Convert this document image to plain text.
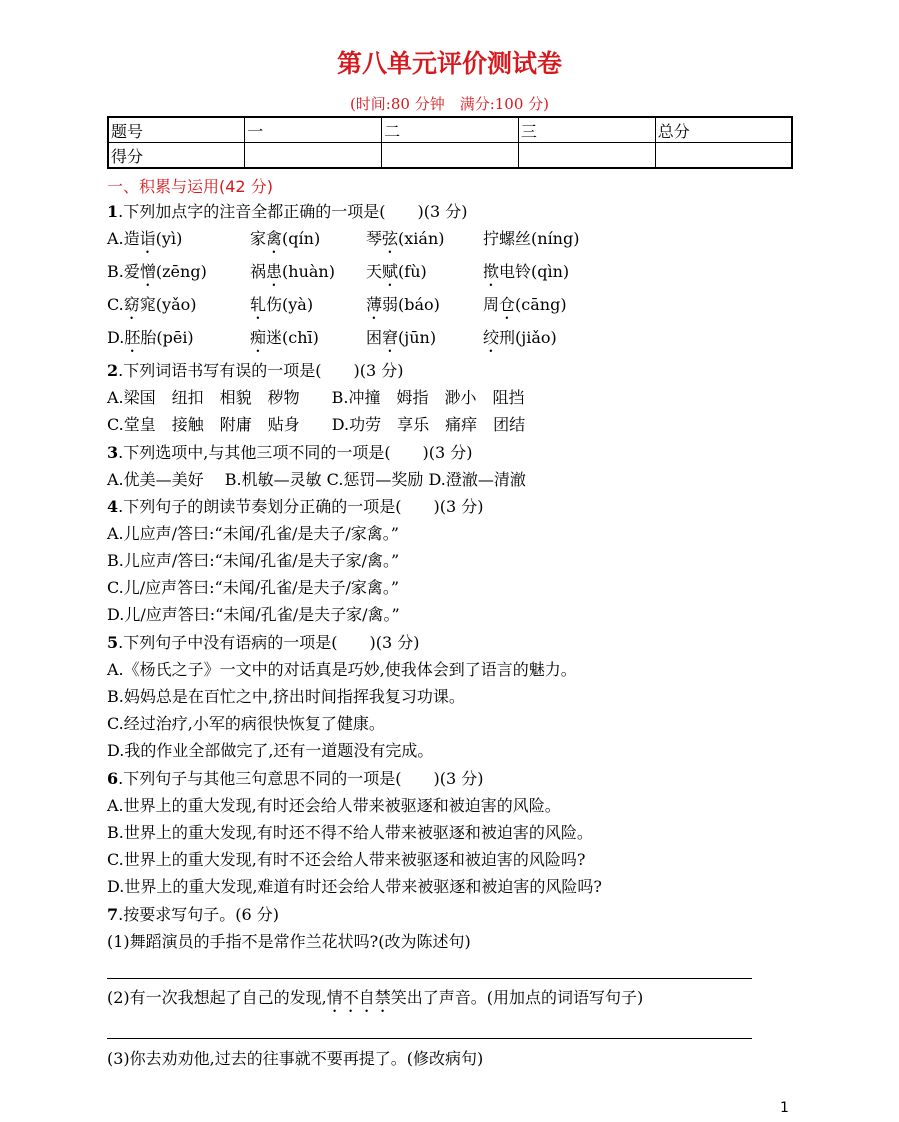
第八单元评价测试卷
(时间:80 分钟　满分:100 分)
题号	一	二	三	总分
得分				
一、积累与运用(42 分)
1.下列加点字的注音全都正确的一项是(　　)(3 分)
A.造诣(yì)	家禽(qín)	琴弦(xián) 拧螺丝(níng)
B.爱憎(zēng)	祸患(huàn) 天赋(fù)	揿电铃(qìn)
C.窈窕(yǎo)	轧伤(yà)	薄弱(báo)	周仓(cāng)
D.胚胎(pēi)	痴迷(chī)	困窘(jūn)	绞刑(jiǎo)
2.下列词语书写有误的一项是(　　)(3 分)
A.梁国　纽扣　相貌　秽物　　B.冲撞　姆指　渺小　阻挡
C.堂皇　接触　附庸　贴身　　D.功劳　享乐　痛痒　团结
3.下列选项中,与其他三项不同的一项是(　　)(3 分)
A.优美—美好　 B.机敏—灵敏 C.惩罚—奖励 D.澄澈—清澈
4.下列句子的朗读节奏划分正确的一项是(　　)(3 分)
A.儿应声/答曰:“未闻/孔雀/是夫子/家禽。”
B.儿应声/答曰:“未闻/孔雀/是夫子家/禽。”
C.儿/应声答曰:“未闻/孔雀/是夫子/家禽。”
D.儿/应声答曰:“未闻/孔雀/是夫子家/禽。”
5.下列句子中没有语病的一项是(　　)(3 分)
A.《杨氏之子》一文中的对话真是巧妙,使我体会到了语言的魅力。
B.妈妈总是在百忙之中,挤出时间指挥我复习功课。
C.经过治疗,小军的病很快恢复了健康。
D.我的作业全部做完了,还有一道题没有完成。
6.下列句子与其他三句意思不同的一项是(　　)(3 分)
A.世界上的重大发现,有时还会给人带来被驱逐和被迫害的风险。
B.世界上的重大发现,有时还不得不给人带来被驱逐和被迫害的风险。
C.世界上的重大发现,有时不还会给人带来被驱逐和被迫害的风险吗?
D.世界上的重大发现,难道有时还会给人带来被驱逐和被迫害的风险吗?
7.按要求写句子。(6 分)
(1)舞蹈演员的手指不是常作兰花状吗?(改为陈述句)
(2)有一次我想起了自己的发现,情不自禁笑出了声音。(用加点的词语写句子)
(3)你去劝劝他,过去的往事就不要再提了。(修改病句)
1
